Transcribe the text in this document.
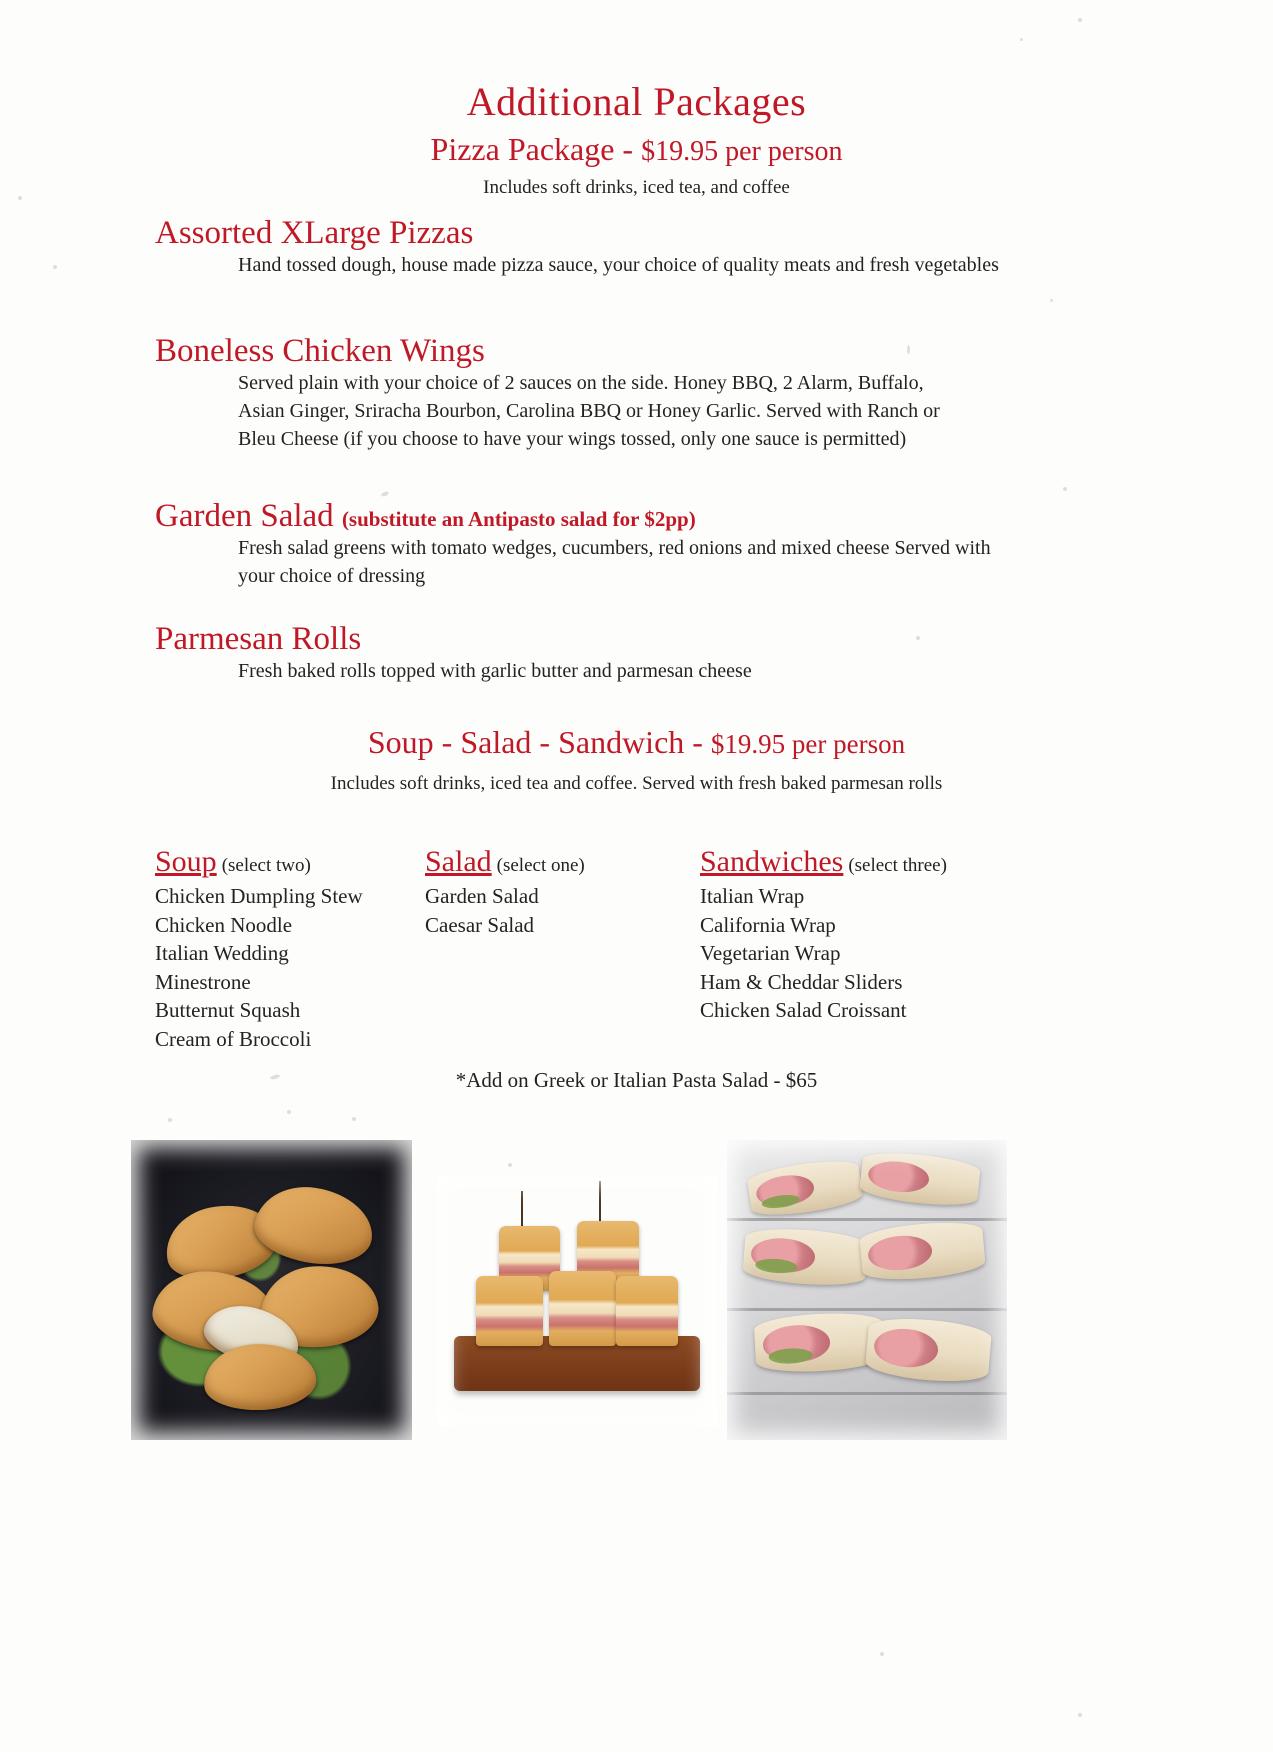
Additional Packages
Pizza Package - $19.95 per person
Includes soft drinks, iced tea, and coffee
Assorted XLarge Pizzas
Hand tossed dough, house made pizza sauce, your choice of quality meats and fresh vegetables
Boneless Chicken Wings
Served plain with your choice of 2 sauces on the side. Honey BBQ, 2 Alarm, Buffalo, Asian Ginger, Sriracha Bourbon, Carolina BBQ or Honey Garlic. Served with Ranch or Bleu Cheese (if you choose to have your wings tossed, only one sauce is permitted)
Garden Salad (substitute an Antipasto salad for $2pp)
Fresh salad greens with tomato wedges, cucumbers, red onions and mixed cheese Served with your choice of dressing
Parmesan Rolls
Fresh baked rolls topped with garlic butter and parmesan cheese
Soup - Salad - Sandwich - $19.95 per person
Includes soft drinks, iced tea and coffee. Served with fresh baked parmesan rolls
Soup (select two)
Chicken Dumpling Stew
Chicken Noodle
Italian Wedding
Minestrone
Butternut Squash
Cream of Broccoli
Salad (select one)
Garden Salad
Caesar Salad
Sandwiches (select three)
Italian Wrap
California Wrap
Vegetarian Wrap
Ham & Cheddar Sliders
Chicken Salad Croissant
*Add on Greek or Italian Pasta Salad - $65
